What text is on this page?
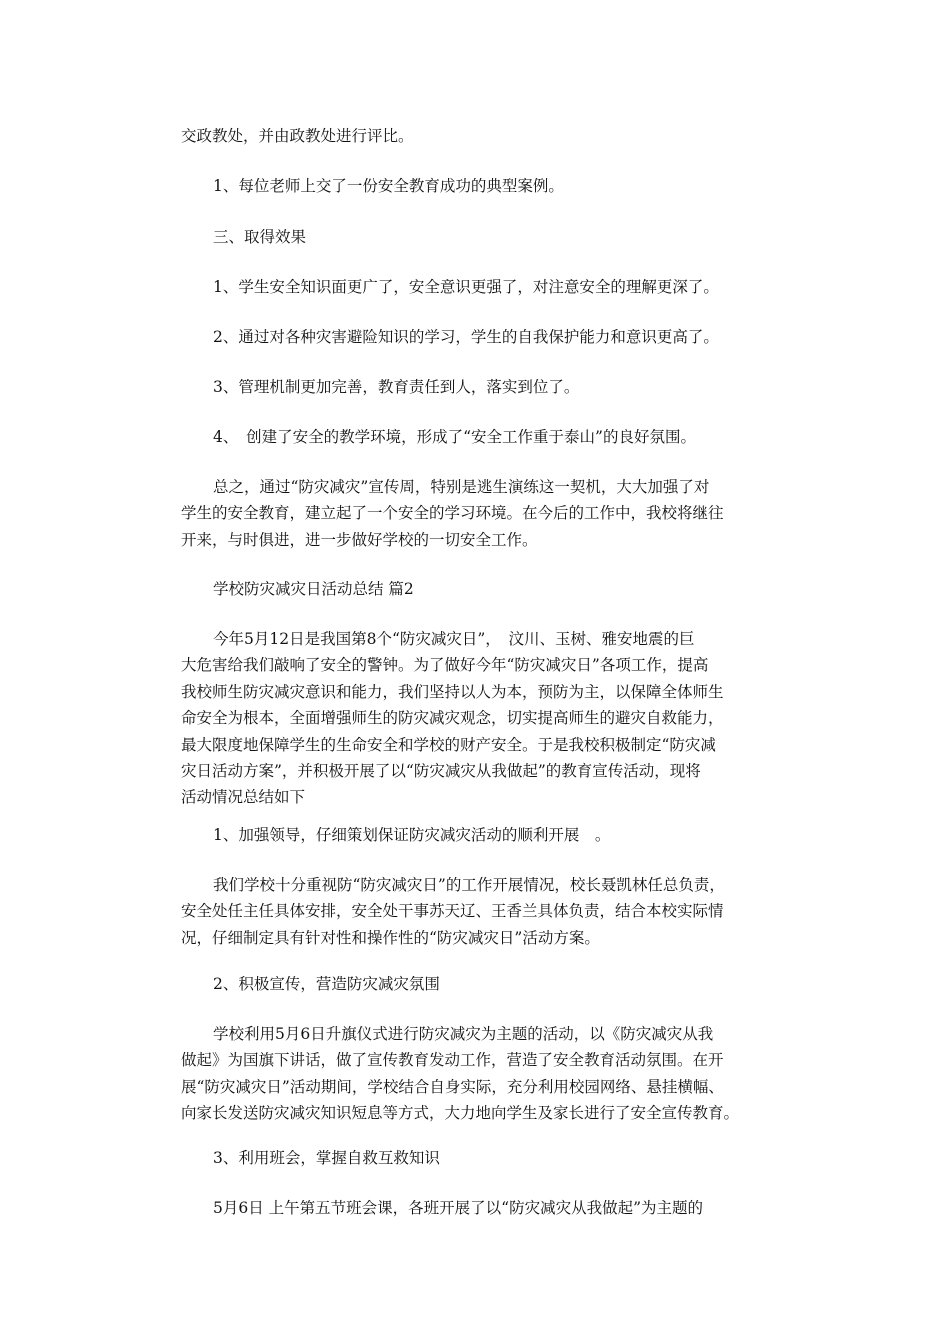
交政教处，并由政教处进行评比。
1、每位老师上交了一份安全教育成功的典型案例。
三、取得效果
1、学生安全知识面更广了，安全意识更强了，对注意安全的理解更深了。
2、通过对各种灾害避险知识的学习，学生的自我保护能力和意识更高了。
3、管理机制更加完善，教育责任到人，落实到位了。
4、　创建了安全的教学环境，形成了“安全工作重于泰山”的良好氛围。
总之，通过“防灾减灾”宣传周，特别是逃生演练这一契机，大大加强了对
学生的安全教育，建立起了一个安全的学习环境。在今后的工作中，我校将继往
开来，与时俱进，进一步做好学校的一切安全工作。
学校防灾减灾日活动总结 篇2
今年5月12日是我国第8个“防灾减灾日”，　汶川、玉树、雅安地震的巨
大危害给我们敲响了安全的警钟。为了做好今年“防灾减灾日”各项工作，提高
我校师生防灾减灾意识和能力，我们坚持以人为本，预防为主，以保障全体师生
命安全为根本，全面增强师生的防灾减灾观念，切实提高师生的避灾自救能力，
最大限度地保障学生的生命安全和学校的财产安全。于是我校积极制定“防灾减
灾日活动方案”，并积极开展了以“防灾减灾从我做起”的教育宣传活动，现将
活动情况总结如下
1、加强领导，仔细策划保证防灾减灾活动的顺利开展　。
我们学校十分重视防“防灾减灾日”的工作开展情况，校长聂凯林任总负责，
安全处任主任具体安排，安全处干事苏天辽、王香兰具体负责，结合本校实际情
况，仔细制定具有针对性和操作性的“防灾减灾日”活动方案。
2、积极宣传，营造防灾减灾氛围
学校利用5月6日升旗仪式进行防灾减灾为主题的活动，以《防灾减灾从我
做起》为国旗下讲话，做了宣传教育发动工作，营造了安全教育活动氛围。在开
展“防灾减灾日”活动期间，学校结合自身实际，充分利用校园网络、悬挂横幅、
向家长发送防灾减灾知识短息等方式，大力地向学生及家长进行了安全宣传教育。
3、利用班会，掌握自救互救知识
5月6日 上午第五节班会课，各班开展了以“防灾减灾从我做起”为主题的
